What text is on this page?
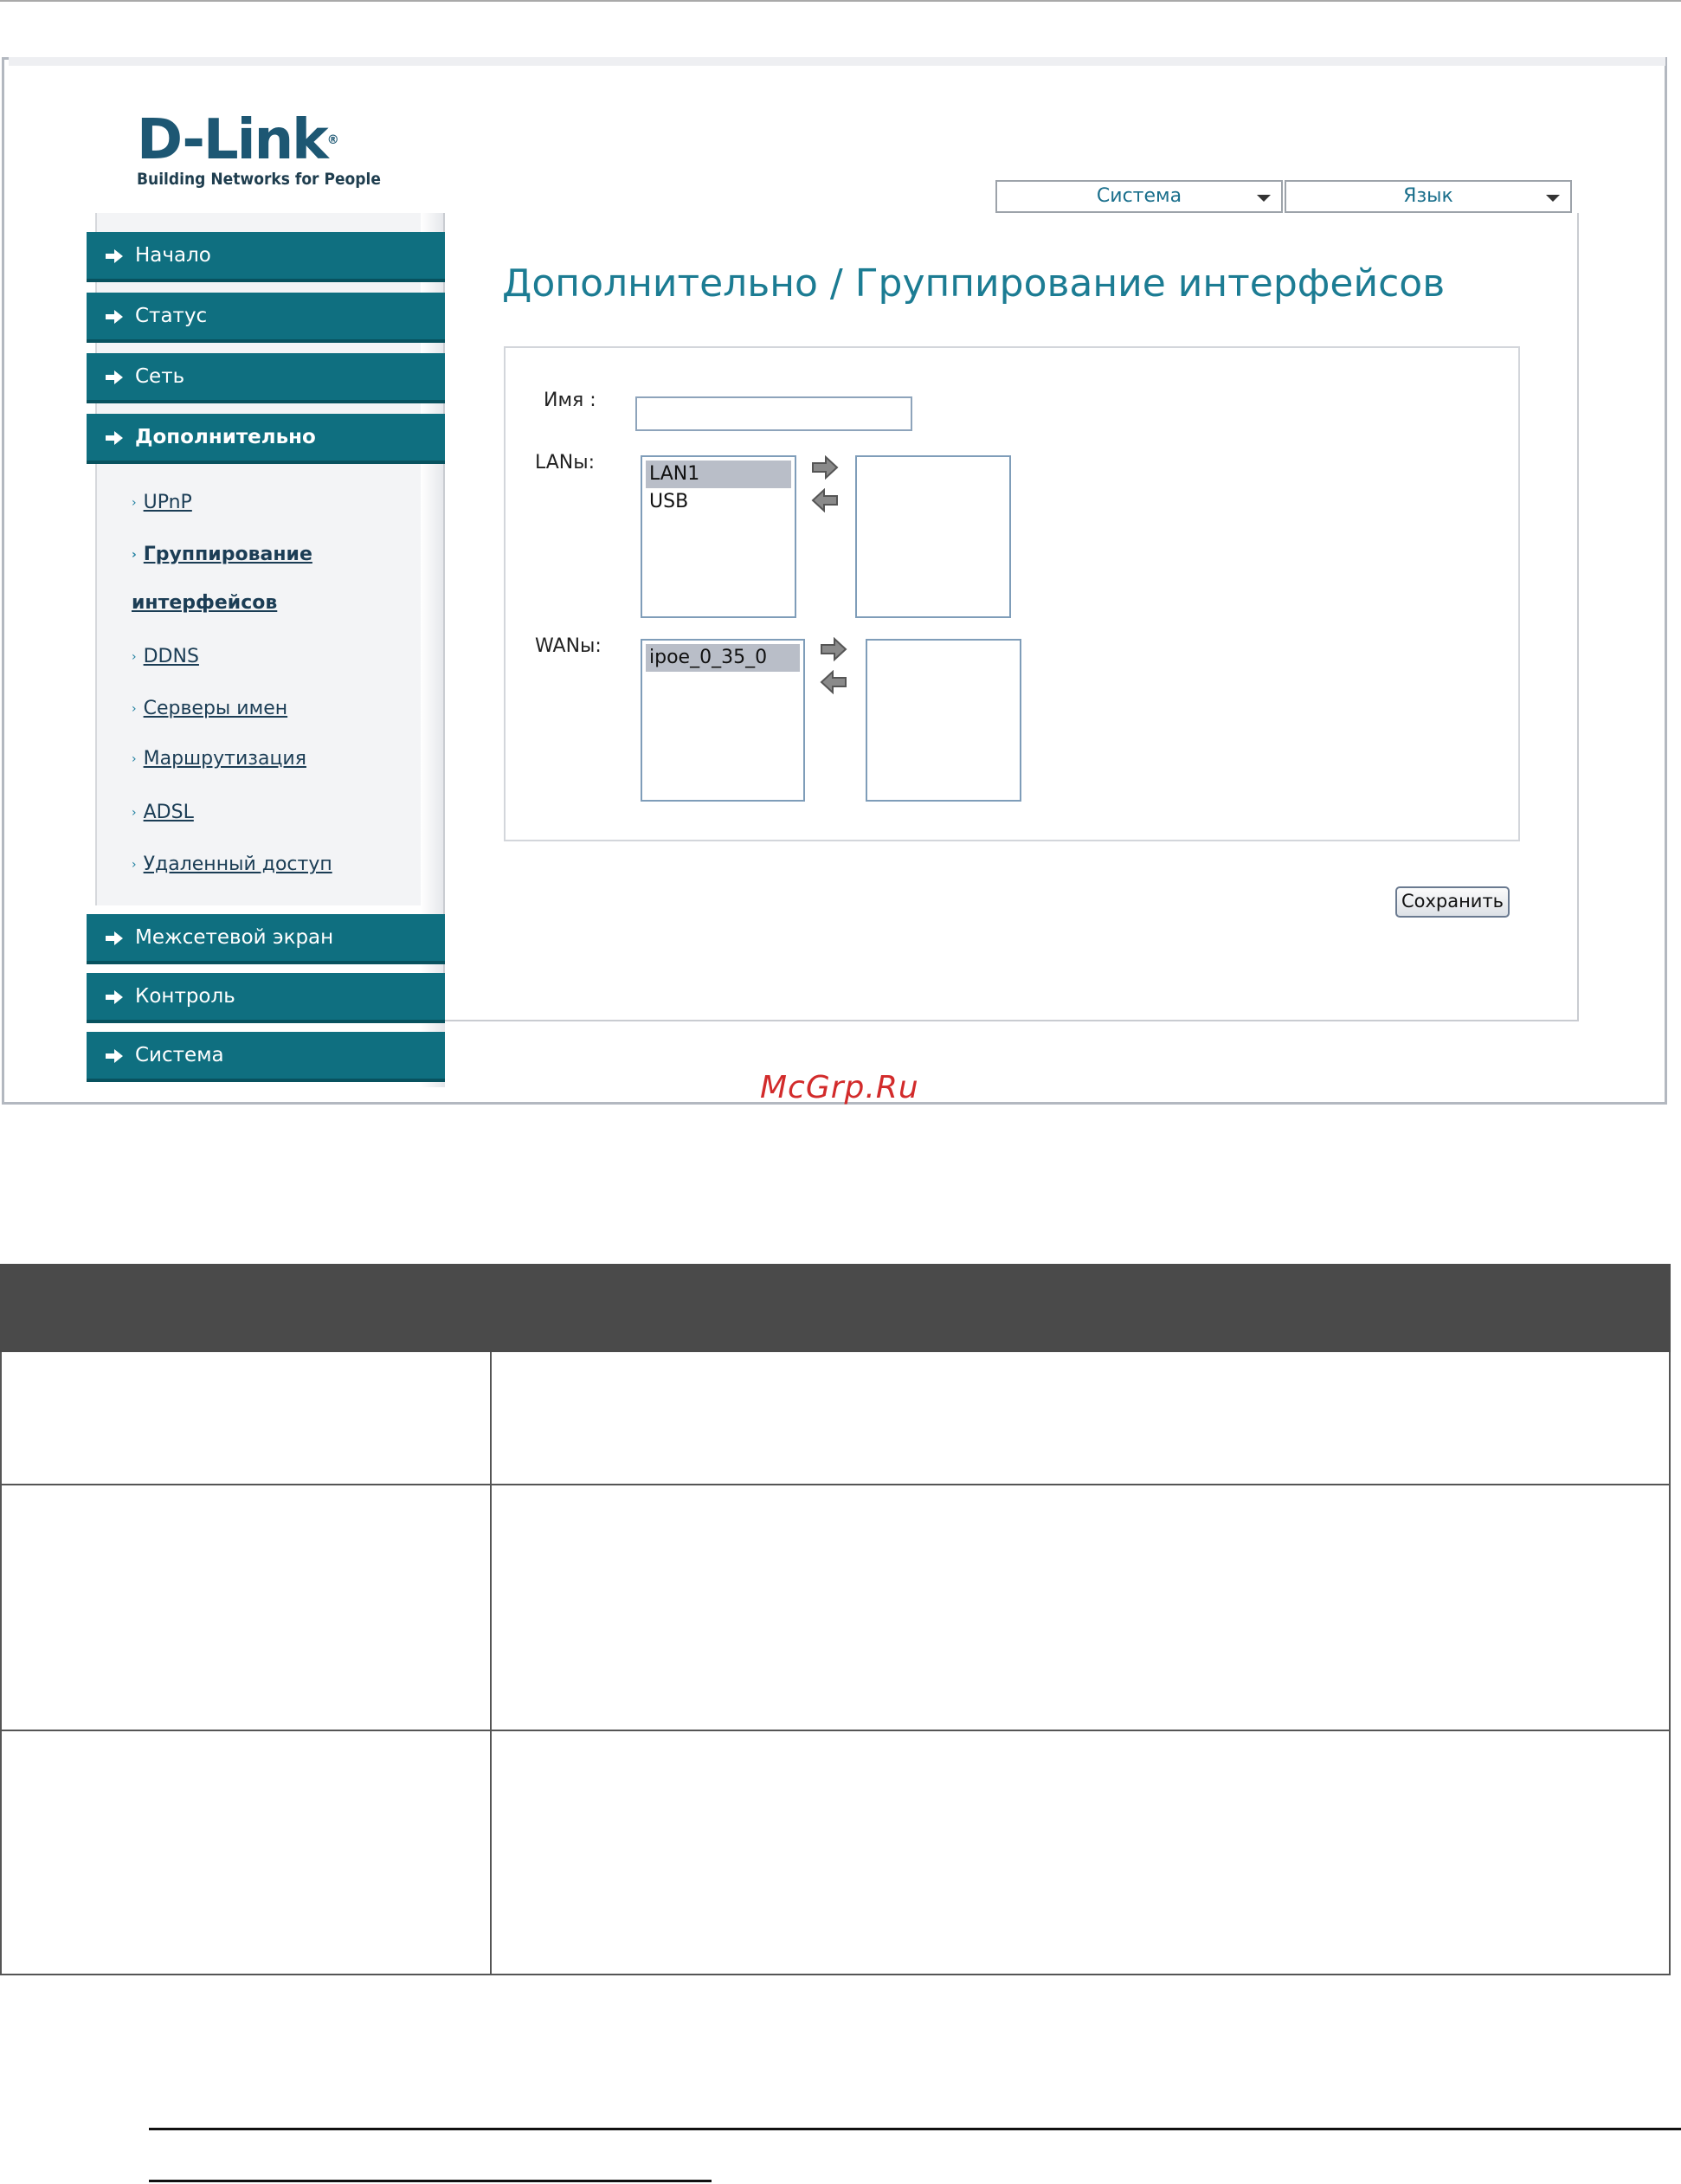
D-Link®
Building Networks for People
Система	Язык
Начало
Статус
Сеть
Дополнительно
› UPnP
› Группирование
интерфейсов
› DDNS
› Серверы имен
› Маршрутизация
› ADSL
› Удаленный доступ
Межсетевой экран
Контроль
Система
Дополнительно / Группирование интерфейсов
Имя :
LANы:
LAN1
USB
WANы:
ipoe_0_35_0
Сохранить
McGrp.Ru
